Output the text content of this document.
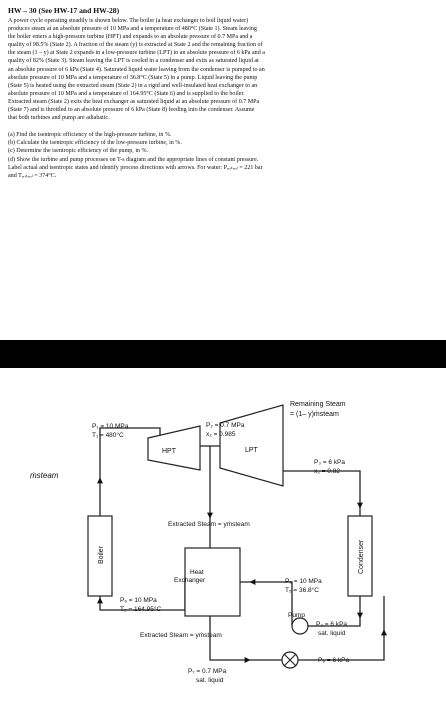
HW – 30 (See HW-17 and HW-28)
A power cycle operating steadily is shown below. The boiler (a heat exchanger to boil liquid water)
produces steam at an absolute pressure of 10 MPa and a temperature of 480°C (State 1). Steam leaving
the boiler enters a high-pressure turbine (HPT) and expands to an absolute pressure of 0.7 MPa and a
quality of 98.5% (State 2). A fraction of the steam (y) is extracted at State 2 and the remaining fraction of
the steam (1 – y) at State 2 expands in a low-pressure turbine (LPT) to an absolute pressure of 6 kPa and a
quality of 82% (State 3). Steam leaving the LPT is cooled in a condenser and exits as saturated liquid at
an absolute pressure of 6 kPa (State 4). Saturated liquid water leaving from the condenser is pumped to an
absolute pressure of 10 MPa and a temperature of 36.8°C (State 5) in a pump. Liquid leaving the pump
(State 5) is heated using the extracted steam (State 2) in a rigid and well-insulated heat exchanger to an
absolute pressure of 10 MPa and a temperature of 164.95°C (State 6) and is supplied to the boiler.
Extracted steam (State 2) exits the heat exchanger as saturated liquid at an absolute pressure of 0.7 MPa
(State 7) and is throttled to an absolute pressure of 6 kPa (State 8) feeding into the condenser. Assume
that both turbines and pump are adiabatic.
(a) Find the isentropic efficiency of the high-pressure turbine, in %.
(b) Calculate the isentropic efficiency of the low-pressure turbine, in %.
(c) Determine the isentropic efficiency of the pump, in %.
(d) Show the turbine and pump processes on T-s diagram and the appropriate lines of constant pressure.
Label actual and isentropic states and identify process directions with arrows. For water: Pₑᵣᵢₜᵢₑₐₗ = 221 bar
and Tₑᵣᵢₜᵢₑₐₗ = 374°C.
Boiler	Condenser
HPT	LPT
Heat
Exchanger
Pump
P₁ = 10 MPa
T₁ = 480°C
P₂ = 0.7 MPa
x₂ = 0.985
Remaining Steam
= (1– y)ṁsteam
P₃ = 6 kPa
x₃ = 0.82
ṁsteam
Extracted Steam = yṁsteam
P₅ = 10 MPa
T₅ = 36.8°C
P₄ = 6 kPa
sat. liquid
P₆ = 10 MPa
T₆ = 164.95°C
Extracted Steam = yṁsteam
P₇ = 0.7 MPa
sat. liquid
P₈ = 6 kPa
